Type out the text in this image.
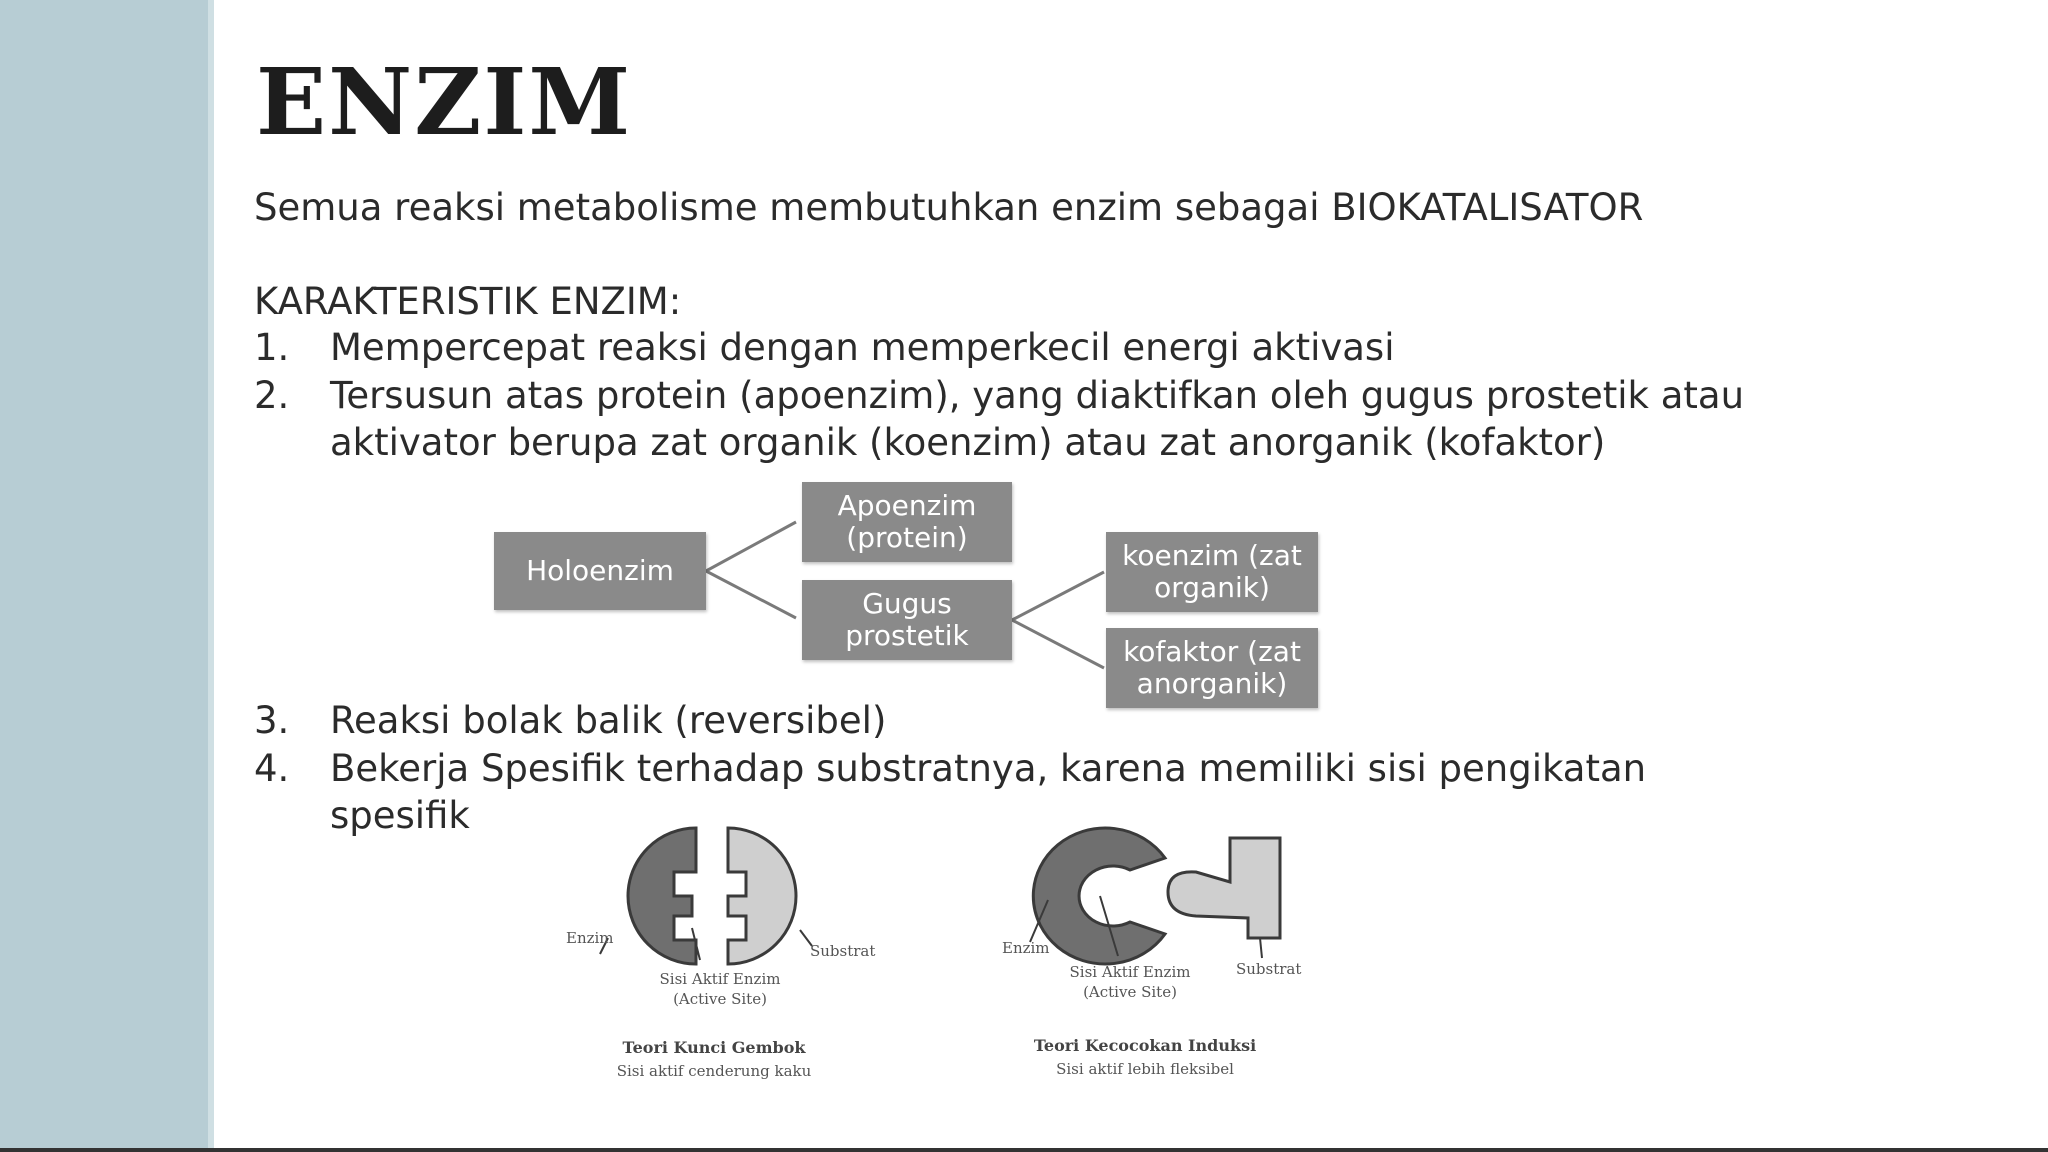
ENZIM
Semua reaksi metabolisme membutuhkan enzim sebagai BIOKATALISATOR
KARAKTERISTIK ENZIM:
1. Mempercepat reaksi dengan memperkecil energi aktivasi
2. Tersusun atas protein (apoenzim), yang diaktifkan oleh gugus prostetik atau
aktivator berupa zat organik (koenzim) atau zat anorganik (kofaktor)
Holoenzim
Apoenzim
(protein)
Gugus
prostetik
koenzim (zat
organik)
kofaktor (zat
anorganik)
3. Reaksi bolak balik (reversibel)
4. Bekerja Spesifik terhadap substratnya, karena memiliki sisi pengikatan
spesifik
Enzim
Substrat
Sisi Aktif Enzim
(Active Site)
Teori Kunci Gembok
Sisi aktif cenderung kaku
Enzim
Substrat
Sisi Aktif Enzim
(Active Site)
Teori Kecocokan Induksi
Sisi aktif lebih fleksibel
